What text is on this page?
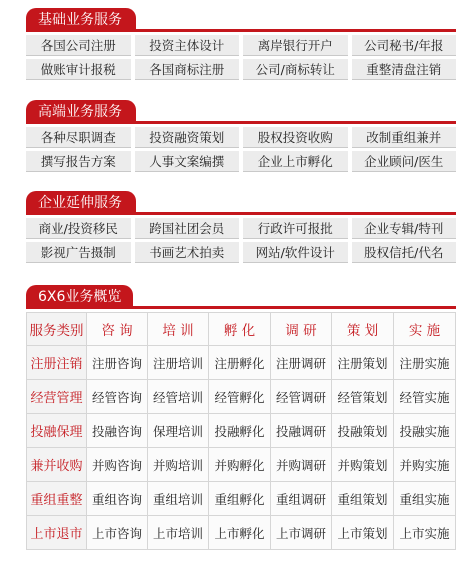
基础业务服务
各国公司注册	投资主体设计	离岸银行开户	公司秘书/年报
做账审计报税	各国商标注册	公司/商标转让	重整清盘注销
高端业务服务
各种尽职调查	投资融资策划	股权投资收购	改制重组兼并
撰写报告方案	人事文案编撰	企业上市孵化	企业顾问/医生
企业延伸服务
商业/投资移民	跨国社团会员	行政许可报批	企业专辑/特刊
影视广告摄制	书画艺术拍卖	网站/软件设计	股权信托/代名
6X6业务概览
服务类别	咨 询	培 训	孵 化	调 研	策 划	实 施
注册注销	注册咨询	注册培训	注册孵化	注册调研	注册策划	注册实施
经营管理	经管咨询	经管培训	经管孵化	经管调研	经管策划	经管实施
投融保理	投融咨询	保理培训	投融孵化	投融调研	投融策划	投融实施
兼并收购	并购咨询	并购培训	并购孵化	并购调研	并购策划	并购实施
重组重整	重组咨询	重组培训	重组孵化	重组调研	重组策划	重组实施
上市退市	上市咨询	上市培训	上市孵化	上市调研	上市策划	上市实施
